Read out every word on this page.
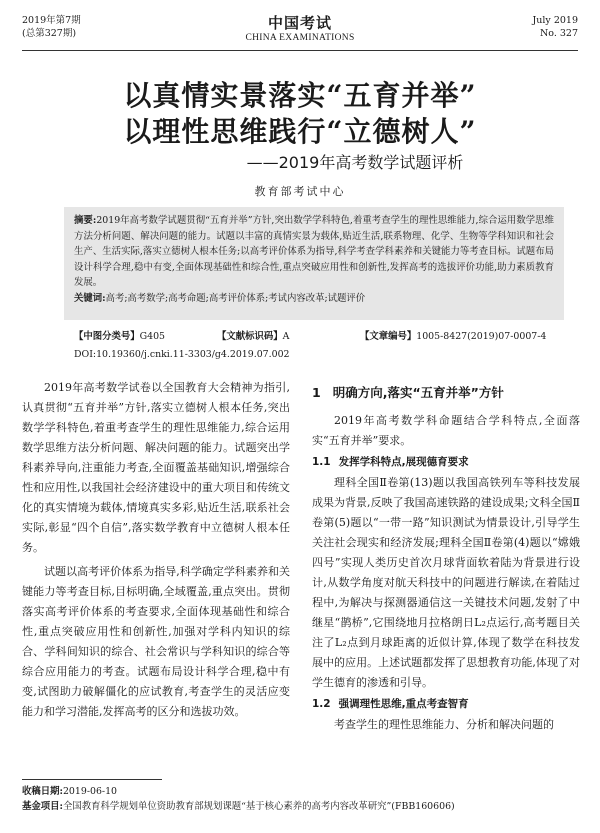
2019年第7期
(总第327期)
中国考试
CHINA EXAMINATIONS
July 2019
No. 327
以真情实景落实“五育并举”
以理性思维践行“立德树人”
——2019年高考数学试题评析
教育部考试中心
摘要:2019年高考数学试题贯彻“五育并举”方针,突出数学学科特色,着重考查学生的理性思维能力,综合运用数学思维方法分析问题、解决问题的能力。试题以丰富的真情实景为载体,贴近生活,联系物理、化学、生物等学科知识和社会生产、生活实际,落实立德树人根本任务;以高考评价体系为指导,科学考查学科素养和关键能力等考查目标。试题布局设计科学合理,稳中有变,全面体现基础性和综合性,重点突破应用性和创新性,发挥高考的选拔评价功能,助力素质教育发展。
关键词:高考;高考数学;高考命题;高考评价体系;考试内容改革;试题评价
【中图分类号】G405	【文献标识码】A	【文章编号】1005-8427(2019)07-0007-4
DOI:10.19360/j.cnki.11-3303/g4.2019.07.002

2019年高考数学试卷以全国教育大会精神为指引,认真贯彻“五育并举”方针,落实立德树人根本任务,突出数学学科特色,着重考查学生的理性思维能力,综合运用数学思维方法分析问题、解决问题的能力。试题突出学科素养导向,注重能力考查,全面覆盖基础知识,增强综合性和应用性,以我国社会经济建设中的重大项目和传统文化的真实情境为载体,情境真实多彩,贴近生活,联系社会实际,彰显“四个自信”,落实数学教育中立德树人根本任务。

试题以高考评价体系为指导,科学确定学科素养和关键能力等考查目标,目标明确,全域覆盖,重点突出。贯彻落实高考评价体系的考查要求,全面体现基础性和综合性,重点突破应用性和创新性,加强对学科内知识的综合、学科间知识的综合、社会常识与学科知识的综合等综合应用能力的考查。试题布局设计科学合理,稳中有变,试图助力破解僵化的应试教育,考查学生的灵活应变能力和学习潜能,发挥高考的区分和选拔功效。

1 明确方向,落实“五育并举”方针

2019年高考数学科命题结合学科特点,全面落实“五育并举”要求。

1.1 发挥学科特点,展现德育要求

理科全国Ⅱ卷第(13)题以我国高铁列车等科技发展成果为背景,反映了我国高速铁路的建设成果;文科全国Ⅱ卷第(5)题以“一带一路”知识测试为情景设计,引导学生关注社会现实和经济发展;理科全国Ⅱ卷第(4)题以“嫦娥四号”实现人类历史首次月球背面软着陆为背景进行设计,从数学角度对航天科技中的问题进行解读,在着陆过程中,为解决与探测器通信这一关键技术问题,发射了中继星“鹊桥”,它围绕地月拉格朗日L₂点运行,高考题目关注了L₂点到月球距离的近似计算,体现了数学在科技发展中的应用。上述试题都发挥了思想教育功能,体现了对学生德育的渗透和引导。

1.2 强调理性思维,重点考查智育

考查学生的理性思维能力、分析和解决问题的

收稿日期:2019-06-10
基金项目:全国教育科学规划单位资助教育部规划课题“基于核心素养的高考内容改革研究”(FBB160606)
